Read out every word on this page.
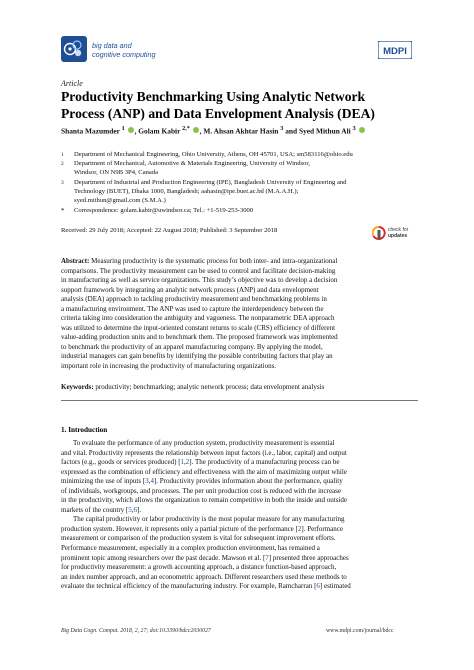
big data and
cognitive computing	MDPI
Article
Productivity Benchmarking Using Analytic Network
Process (ANP) and Data Envelopment Analysis (DEA)
Shanta Mazumder $^1$ , Golam Kabir $^{2,*}$ , M. Ahsan Akhtar Hasin $^3$ and Syed Mithun Ali $^3$
1 Department of Mechanical Engineering, Ohio University, Athens, OH 45701, USA; sm583116@ohio.edu
2 Department of Mechanical, Automotive & Materials Engineering, University of Windsor,
Windsor, ON N9B 3P4, Canada
3 Department of Industrial and Production Engineering (IPE), Bangladesh University of Engineering and
Technology (BUET), Dhaka 1000, Bangladesh; aahasin@ipe.buet.ac.bd (M.A.A.H.);
syed.mithun@gmail.com (S.M.A.)
* Correspondence: golam.kabir@uwindsor.ca; Tel.: +1-519-253-3000
Received: 29 July 2018; Accepted: 22 August 2018; Published: 3 September 2018	check for
updates
Abstract: Measuring productivity is the systematic process for both inter- and intra-organizational
comparisons. The productivity measurement can be used to control and facilitate decision-making
in manufacturing as well as service organizations. This study’s objective was to develop a decision
support framework by integrating an analytic network process (ANP) and data envelopment
analysis (DEA) approach to tackling productivity measurement and benchmarking problems in
a manufacturing environment. The ANP was used to capture the interdependency between the
criteria taking into consideration the ambiguity and vagueness. The nonparametric DEA approach
was utilized to determine the input-oriented constant returns to scale (CRS) efficiency of different
value-adding production units and to benchmark them. The proposed framework was implemented
to benchmark the productivity of an apparel manufacturing company. By applying the model,
industrial managers can gain benefits by identifying the possible contributing factors that play an
important role in increasing the productivity of manufacturing organizations.
Keywords: productivity; benchmarking; analytic network process; data envelopment analysis
1. Introduction
To evaluate the performance of any production system, productivity measurement is essential
and vital. Productivity represents the relationship between input factors (i.e., labor, capital) and output
factors (e.g., goods or services produced) [1,2]. The productivity of a manufacturing process can be
expressed as the combination of efficiency and effectiveness with the aim of maximizing output while
minimizing the use of inputs [3,4]. Productivity provides information about the performance, quality
of individuals, workgroups, and processes. The per unit production cost is reduced with the increase
in the productivity, which allows the organization to remain competitive in both the inside and outside
markets of the country [5,6].
The capital productivity or labor productivity is the most popular measure for any manufacturing
production system. However, it represents only a partial picture of the performance [2]. Performance
measurement or comparison of the production system is vital for subsequent improvement efforts.
Performance measurement, especially in a complex production environment, has remained a
prominent topic among researchers over the past decade. Mawson et al. [7] presented three approaches
for productivity measurement: a growth accounting approach, a distance function-based approach,
an index number approach, and an econometric approach. Different researchers used these methods to
evaluate the technical efficiency of the manufacturing industry. For example, Ramcharran [6] estimated
Big Data Cogn. Comput. 2018, 2, 27; doi:10.3390/bdcc2030027	www.mdpi.com/journal/bdcc
